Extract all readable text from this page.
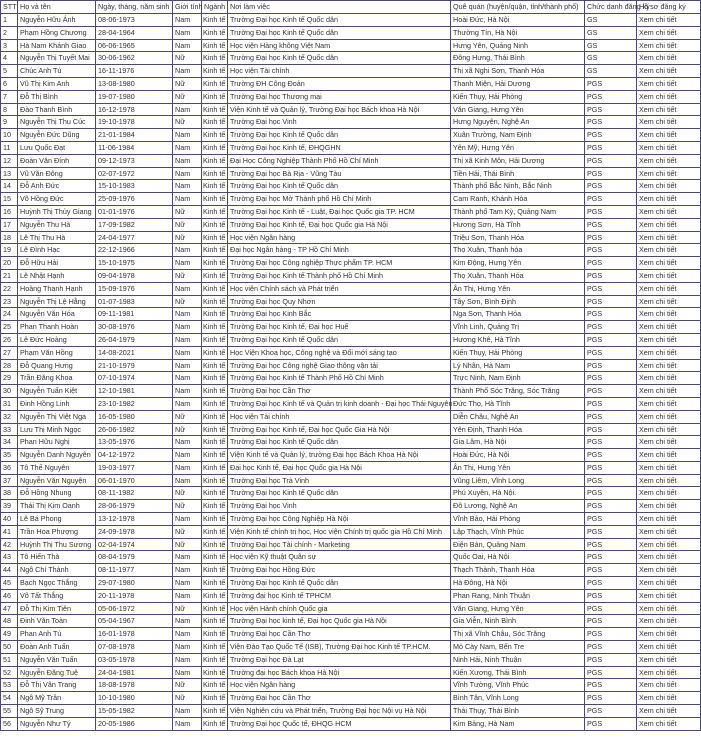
STT	Họ và tên	Ngày, tháng, năm sinh	Giới tính	Ngành	Nơi làm việc	Quê quán (huyện/quận, tỉnh/thành phố)	Chức danh đăng ký	Hồ sơ đăng ký
1	Nguyễn Hữu Ánh	08-06-1973	Nam	Kinh tế	Trường Đại học Kinh tế Quốc dân	Hoài Đức, Hà Nội	GS	Xem chi tiết
2	Phạm Hồng Chương	28-04-1964	Nam	Kinh tế	Trường Đại học Kinh tế Quốc dân	Thường Tín, Hà Nội	GS	Xem chi tiết
3	Hà Nam Khánh Giao	06-06-1965	Nam	Kinh tế	Học viện Hàng không Việt Nam	Hưng Yên, Quảng Ninh	GS	Xem chi tiết
4	Nguyễn Thị Tuyết Mai	30-06-1962	Nữ	Kinh tế	Trường Đại học Kinh tế Quốc dân	Đông Hưng, Thái Bình	GS	Xem chi tiết
5	Chúc Anh Tú	16-11-1976	Nam	Kinh tế	Học viện Tài chính	Thị xã Nghi Sơn, Thanh Hóa	GS	Xem chi tiết
6	Vũ Thị Kim Anh	13-08-1980	Nữ	Kinh tế	Trường ĐH Công Đoàn	Thanh Miện, Hải Dương	PGS	Xem chi tiết
7	Đỗ Thị Bình	19-07-1980	Nữ	Kinh tế	Trường Đại học Thương mại	Kiến Thụy, Hải Phòng	PGS	Xem chi tiết
8	Đào Thanh Bình	16-12-1978	Nam	Kinh tế	Viện Kinh tế và Quản lý, Trường Đại học Bách khoa Hà Nội	Văn Giang, Hưng Yên	PGS	Xem chi tiết
9	Nguyễn Thị Thu Cúc	19-10-1978	Nữ	Kinh tế	Trường Đại học Vinh	Hưng Nguyên, Nghệ An	PGS	Xem chi tiết
10	Nguyễn Đức Dũng	21-01-1984	Nam	Kinh tế	Trường Đại học Kinh tế Quốc dân	Xuân Trường, Nam Định	PGS	Xem chi tiết
11	Lưu Quốc Đạt	11-06-1984	Nam	Kinh tế	Trường Đại học Kinh tế, ĐHQGHN	Yên Mỹ, Hưng Yên	PGS	Xem chi tiết
12	Đoàn Văn Đính	09-12-1973	Nam	Kinh tế	Đại Học Công Nghiệp Thành Phố Hồ Chí Minh	Thị xã Kinh Môn, Hải Dương	PGS	Xem chi tiết
13	Vũ Văn Đông	02-07-1972	Nam	Kinh tế	Trường Đại học Bà Rịa - Vũng Tàu	Tiền Hải, Thái Bình	PGS	Xem chi tiết
14	Đỗ Anh Đức	15-10-1983	Nam	Kinh tế	Trường Đại học Kinh tế Quốc dân	Thành phố Bắc Ninh, Bắc Ninh	PGS	Xem chi tiết
15	Võ Hồng Đức	25-09-1976	Nam	Kinh tế	Trường Đại học Mở Thành phố Hồ Chí Minh	Cam Ranh, Khánh Hòa	PGS	Xem chi tiết
16	Huỳnh Thị Thủy Giang	01-01-1976	Nữ	Kinh tế	Trường Đại học Kinh tế - Luật, Đại học Quốc gia TP. HCM	Thành phố Tam Kỳ, Quảng Nam	PGS	Xem chi tiết
17	Nguyễn Thu Hà	17-09-1982	Nữ	Kinh tế	Trường Đại học Kinh tế, Đại học Quốc gia Hà Nội	Hương Sơn, Hà Tĩnh	PGS	Xem chi tiết
18	Lê Thị Thu Hà	24-04-1977	Nữ	Kinh tế	Học viện Ngân hàng	Triệu Sơn, Thanh Hóa	PGS	Xem chi tiết
19	Lê Đình Hạc	22-12-1966	Nam	Kinh tế	Đại học Ngân hàng - TP Hồ Chí Minh	Thọ Xuân, Thanh hóa	PGS	Xem chi tiết
20	Đỗ Hữu Hải	15-10-1975	Nam	Kinh tế	Trường Đại học Công nghiệp Thực phẩm TP. HCM	Kim Động, Hưng Yên	PGS	Xem chi tiết
21	Lê Nhật Hạnh	09-04-1978	Nữ	Kinh tế	Trường Đại học Kinh tế Thành phố Hồ Chí Minh	Thọ Xuân, Thanh Hóa	PGS	Xem chi tiết
22	Hoàng Thanh Hạnh	15-09-1976	Nam	Kinh tế	Học viện Chính sách và Phát triển	Ân Thi, Hưng Yên	PGS	Xem chi tiết
23	Nguyễn Thị Lệ Hằng	01-07-1983	Nữ	Kinh tế	Trường Đại học Quy Nhơn	Tây Sơn, Bình Định	PGS	Xem chi tiết
24	Nguyễn Văn Hóa	09-11-1981	Nam	Kinh tế	Trường Đại học Kinh Bắc	Nga Sơn, Thanh Hóa	PGS	Xem chi tiết
25	Phan Thanh Hoàn	30-08-1976	Nam	Kinh tế	Trường Đại học Kinh tế, Đại học Huế	Vĩnh Linh, Quảng Trị	PGS	Xem chi tiết
26	Lê Đức Hoàng	26-04-1979	Nam	Kinh tế	Trường Đại học Kinh tế Quốc dân	Hương Khê, Hà Tĩnh	PGS	Xem chi tiết
27	Phạm Văn Hồng	14-08-2021	Nam	Kinh tế	Học Viện Khoa học, Công nghệ và Đổi mới sáng tạo	Kiến Thụy, Hải Phòng	PGS	Xem chi tiết
28	Đỗ Quang Hưng	21-10-1979	Nam	Kinh tế	Trường Đại học Công nghệ Giao thông vận tải	Lý Nhân, Hà Nam	PGS	Xem chi tiết
29	Trần Đăng Khoa	07-10-1974	Nam	Kinh tế	Trường Đại học Kinh tế Thành Phố Hồ Chí Minh	Trực Ninh, Nam Định	PGS	Xem chi tiết
30	Nguyễn Tuấn Kiệt	12-10-1981	Nam	Kinh tế	Trường Đại học Cần Thơ	Thành Phố Sóc Trăng, Sóc Trăng	PGS	Xem chi tiết
31	Đinh Hồng Linh	23-10-1982	Nam	Kinh tế	Trường Đại học Kinh tế và Quản trị kinh doanh - Đại học Thái Nguyên	Đức Thọ, Hà Tĩnh	PGS	Xem chi tiết
32	Nguyễn Thị Việt Nga	16-05-1980	Nữ	Kinh tế	Học viện Tài chính	Diễn Châu, Nghệ An	PGS	Xem chi tiết
33	Lưu Thị Minh Ngọc	26-06-1982	Nữ	Kinh tế	Trường Đại học Kinh tế, Đại học Quốc Gia Hà Nội	Yên Định, Thanh Hóa	PGS	Xem chi tiết
34	Phan Hữu Nghị	13-05-1976	Nam	Kinh tế	Trường Đại học Kinh tế Quốc dân	Gia Lâm, Hà Nội	PGS	Xem chi tiết
35	Nguyễn Danh Nguyên	04-12-1972	Nam	Kinh tế	Viện Kinh tế và Quản lý, trường Đại học Bách Khoa Hà Nội	Hoài Đức, Hà Nội	PGS	Xem chi tiết
36	Tô Thế Nguyên	19-03-1977	Nam	Kinh tế	Đại học Kinh tế, Đại học Quốc gia Hà Nội	Ân Thi, Hưng Yên	PGS	Xem chi tiết
37	Nguyễn Văn Nguyện	06-01-1970	Nam	Kinh tế	Trường Đại học Trà Vinh	Vũng Liêm, Vĩnh Long	PGS	Xem chi tiết
38	Đỗ Hồng Nhung	08-11-1982	Nữ	Kinh tế	Trường Đại học Kinh tế Quốc dân	Phú Xuyên, Hà Nội.	PGS	Xem chi tiết
39	Thái Thị Kim Oanh	28-06-1979	Nữ	Kinh tế	Trường Đại học Vinh	Đô Lương, Nghệ An	PGS	Xem chi tiết
40	Lê Bá Phong	13-12-1978	Nam	Kinh tế	Trường Đại học Công Nghiệp Hà Nội	Vĩnh Bảo, Hải Phòng	PGS	Xem chi tiết
41	Trần Hoa Phượng	24-09-1978	Nữ	Kinh tế	Viện Kinh tế chính trị học, Học viện Chính trị quốc gia Hồ Chí Minh	Lập Thạch, Vĩnh Phúc	PGS	Xem chi tiết
42	Huỳnh Thị Thu Sương	02-04-1974	Nữ	Kinh tế	Trường Đại học Tài chính - Marketing	Điện Bàn, Quảng Nam	PGS	Xem chi tiết
43	Tô Hiến Thà	08-04-1979	Nam	Kinh tế	Học viện Kỹ thuật Quân sự	Quốc Oai, Hà Nội	PGS	Xem chi tiết
44	Ngô Chí Thành	08-11-1977	Nam	Kinh tế	Trường Đại học Hồng Đức	Thạch Thành, Thanh Hóa	PGS	Xem chi tiết
45	Bạch Ngọc Thắng	29-07-1980	Nam	Kinh tế	Trường Đại học Kinh tế Quốc dân	Hà Đông, Hà Nội	PGS	Xem chi tiết
46	Võ Tất Thắng	20-11-1978	Nam	Kinh tế	Trường đại học Kinh tế TPHCM	Phan Rang, Ninh Thuận	PGS	Xem chi tiết
47	Đỗ Thị Kim Tiên	05-06-1972	Nữ	Kinh tế	Học viện Hành chính Quốc gia	Văn Giang, Hưng Yên	PGS	Xem chi tiết
48	Đinh Văn Toàn	05-04-1967	Nam	Kinh tế	Trường Đại học kinh tế, Đại học Quốc gia Hà Nội	Gia Viễn, Ninh Bình	PGS	Xem chi tiết
49	Phan Anh Tú	16-01-1978	Nam	Kinh tế	Trường Đại học Cần Thơ	Thị xã Vĩnh Châu, Sóc Trăng	PGS	Xem chi tiết
50	Đoàn Anh Tuấn	07-08-1978	Nam	Kinh tế	Viện Đào Tạo Quốc Tế (ISB), Trường Đại học Kinh tế TP.HCM.	Mỏ Cày Nam, Bến Tre	PGS	Xem chi tiết
51	Nguyễn Văn Tuấn	03-05-1978	Nam	Kinh tế	Trường Đại học Đà Lạt	Ninh Hải, Ninh Thuận	PGS	Xem chi tiết
52	Nguyễn Đăng Tuệ	24-04-1981	Nam	Kinh tế	Trường đại học Bách khoa Hà Nội	Kiến Xương, Thái Bình	PGS	Xem chi tiết
53	Đỗ Thị Vân Trang	18-08-1978	Nữ	Kinh tế	Học viện Ngân hàng	Vĩnh Tường, Vĩnh Phúc	PGS	Xem chi tiết
54	Ngô Mỹ Trân	10-10-1980	Nữ	Kinh tế	Trường Đại học Cần Thơ	Bình Tân, Vĩnh Long	PGS	Xem chi tiết
55	Ngô Sỹ Trung	15-05-1982	Nam	Kinh tế	Viện Nghiên cứu và Phát triển, Trường Đại học Nội vụ Hà Nội	Thái Thụy, Thái Bình	PGS	Xem chi tiết
56	Nguyễn Như Tý	20-05-1986	Nam	Kinh tế	Trường Đại học Quốc tế, ĐHQG HCM	Kim Bảng, Hà Nam	PGS	Xem chi tiết
